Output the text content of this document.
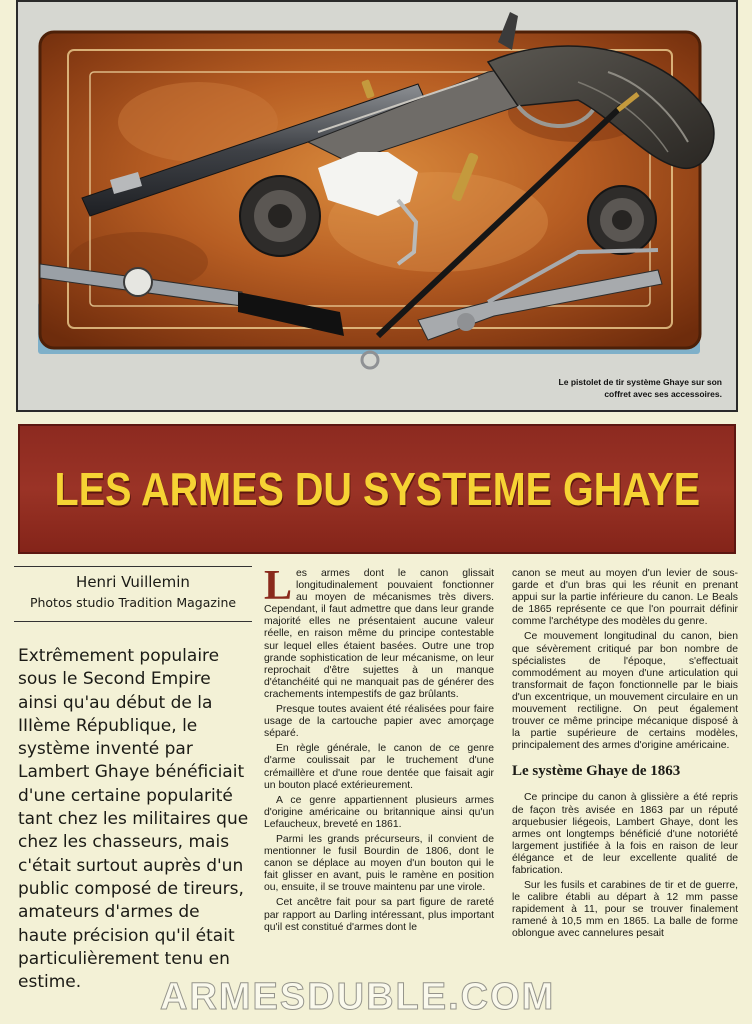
Le pistolet de tir système Ghaye sur son
coffret avec ses accessoires.
LES ARMES DU SYSTEME GHAYE
Henri Vuillemin
Photos studio Tradition Magazine
Extrêmement populaire sous le Second Empire ainsi qu'au début de la IIIème République, le système inventé par Lambert Ghaye bénéficiait d'une certaine popularité tant chez les militaires que chez les chasseurs, mais c'était surtout auprès d'un public composé de tireurs, amateurs d'armes de haute précision qu'il était particulièrement tenu en estime.

L es armes dont le canon glissait longitudinalement pouvaient fonctionner au moyen de mécanismes très divers. Cependant, il faut admettre que dans leur grande majorité elles ne présentaient aucune valeur réelle, en raison même du principe contestable sur lequel elles étaient basées. Outre une trop grande sophistication de leur mécanisme, on leur reprochait d'être sujettes à un manque d'étanchéité qui ne manquait pas de générer des crachements intempestifs de gaz brûlants.

Presque toutes avaient été réalisées pour faire usage de la cartouche papier avec amorçage séparé.

En règle générale, le canon de ce genre d'arme coulissait par le truchement d'une crémaillère et d'une roue dentée que faisait agir un bouton placé extérieurement.

A ce genre appartiennent plusieurs armes d'origine américaine ou britannique ainsi qu'un Lefaucheux, breveté en 1861.

Parmi les grands précurseurs, il convient de mentionner le fusil Bourdin de 1806, dont le canon se déplace au moyen d'un bouton qui le fait glisser en avant, puis le ramène en position ou, ensuite, il se trouve maintenu par une virole.

Cet ancêtre fait pour sa part figure de rareté par rapport au Darling intéressant, plus important qu'il est constitué d'armes dont le

canon se meut au moyen d'un levier de sous-garde et d'un bras qui les réunit en prenant appui sur la partie inférieure du canon. Le Beals de 1865 représente ce que l'on pourrait définir comme l'archétype des modèles du genre.

Ce mouvement longitudinal du canon, bien que sévèrement critiqué par bon nombre de spécialistes de l'époque, s'effectuait commodément au moyen d'une articulation qui transformait de façon fonctionnelle par le biais d'un excentrique, un mouvement circulaire en un mouvement rectiligne. On peut également trouver ce même principe mécanique disposé à la partie supérieure de certains modèles, principalement des armes d'origine américaine.

Le système Ghaye de 1863

Ce principe du canon à glissière a été repris de façon très avisée en 1863 par un réputé arquebusier liégeois, Lambert Ghaye, dont les armes ont longtemps bénéficié d'une notoriété largement justifiée à la fois en raison de leur élégance et de leur excellente qualité de fabrication.

Sur les fusils et carabines de tir et de guerre, le calibre établi au départ à 12 mm passe rapidement à 11, pour se trouver finalement ramené à 10,5 mm en 1865. La balle de forme oblongue avec cannelures pesait

ARMESDUBLE.COM
